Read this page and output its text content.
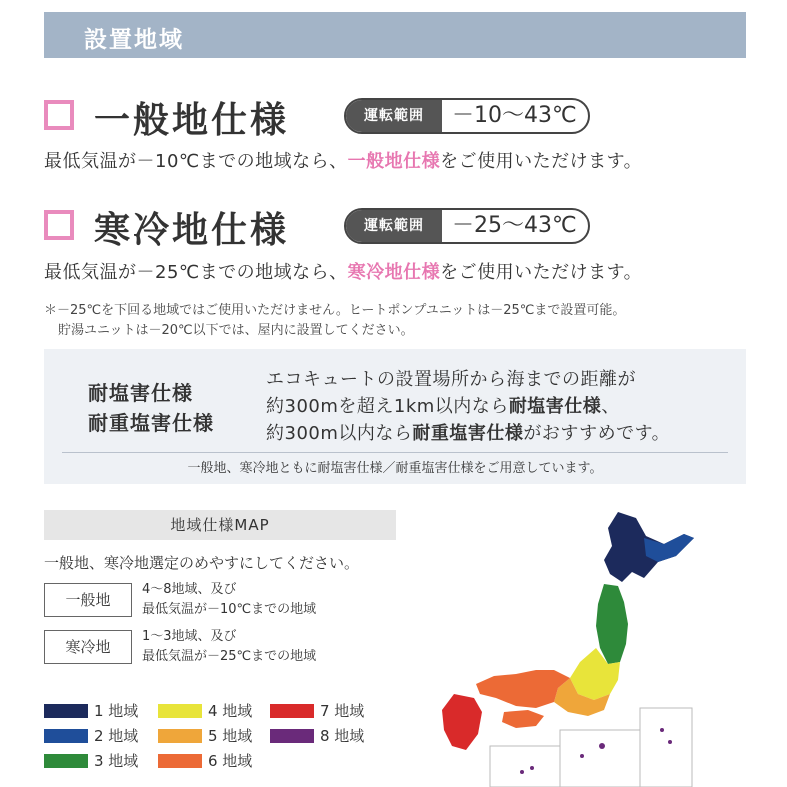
設置地域
一般地仕様	運転範囲	－10～43℃
最低気温が－10℃までの地域なら、一般地仕様をご使用いただけます。
寒冷地仕様	運転範囲	－25～43℃
最低気温が－25℃までの地域なら、寒冷地仕様をご使用いただけます。
＊－25℃を下回る地域ではご使用いただけません。ヒートポンプユニットは－25℃まで設置可能。
貯湯ユニットは－20℃以下では、屋内に設置してください。
耐塩害仕様
耐重塩害仕様
エコキュートの設置場所から海までの距離が
約300mを超え1km以内なら耐塩害仕様、
約300m以内なら耐重塩害仕様がおすすめです。
一般地、寒冷地ともに耐塩害仕様／耐重塩害仕様をご用意しています。
地域仕様MAP
一般地、寒冷地選定のめやすにしてください。
一般地
4～8地域、及び
最低気温が－10℃までの地域
寒冷地
1～3地域、及び
最低気温が－25℃までの地域
1 地域
2 地域
3 地域
4 地域
5 地域
6 地域
7 地域
8 地域
